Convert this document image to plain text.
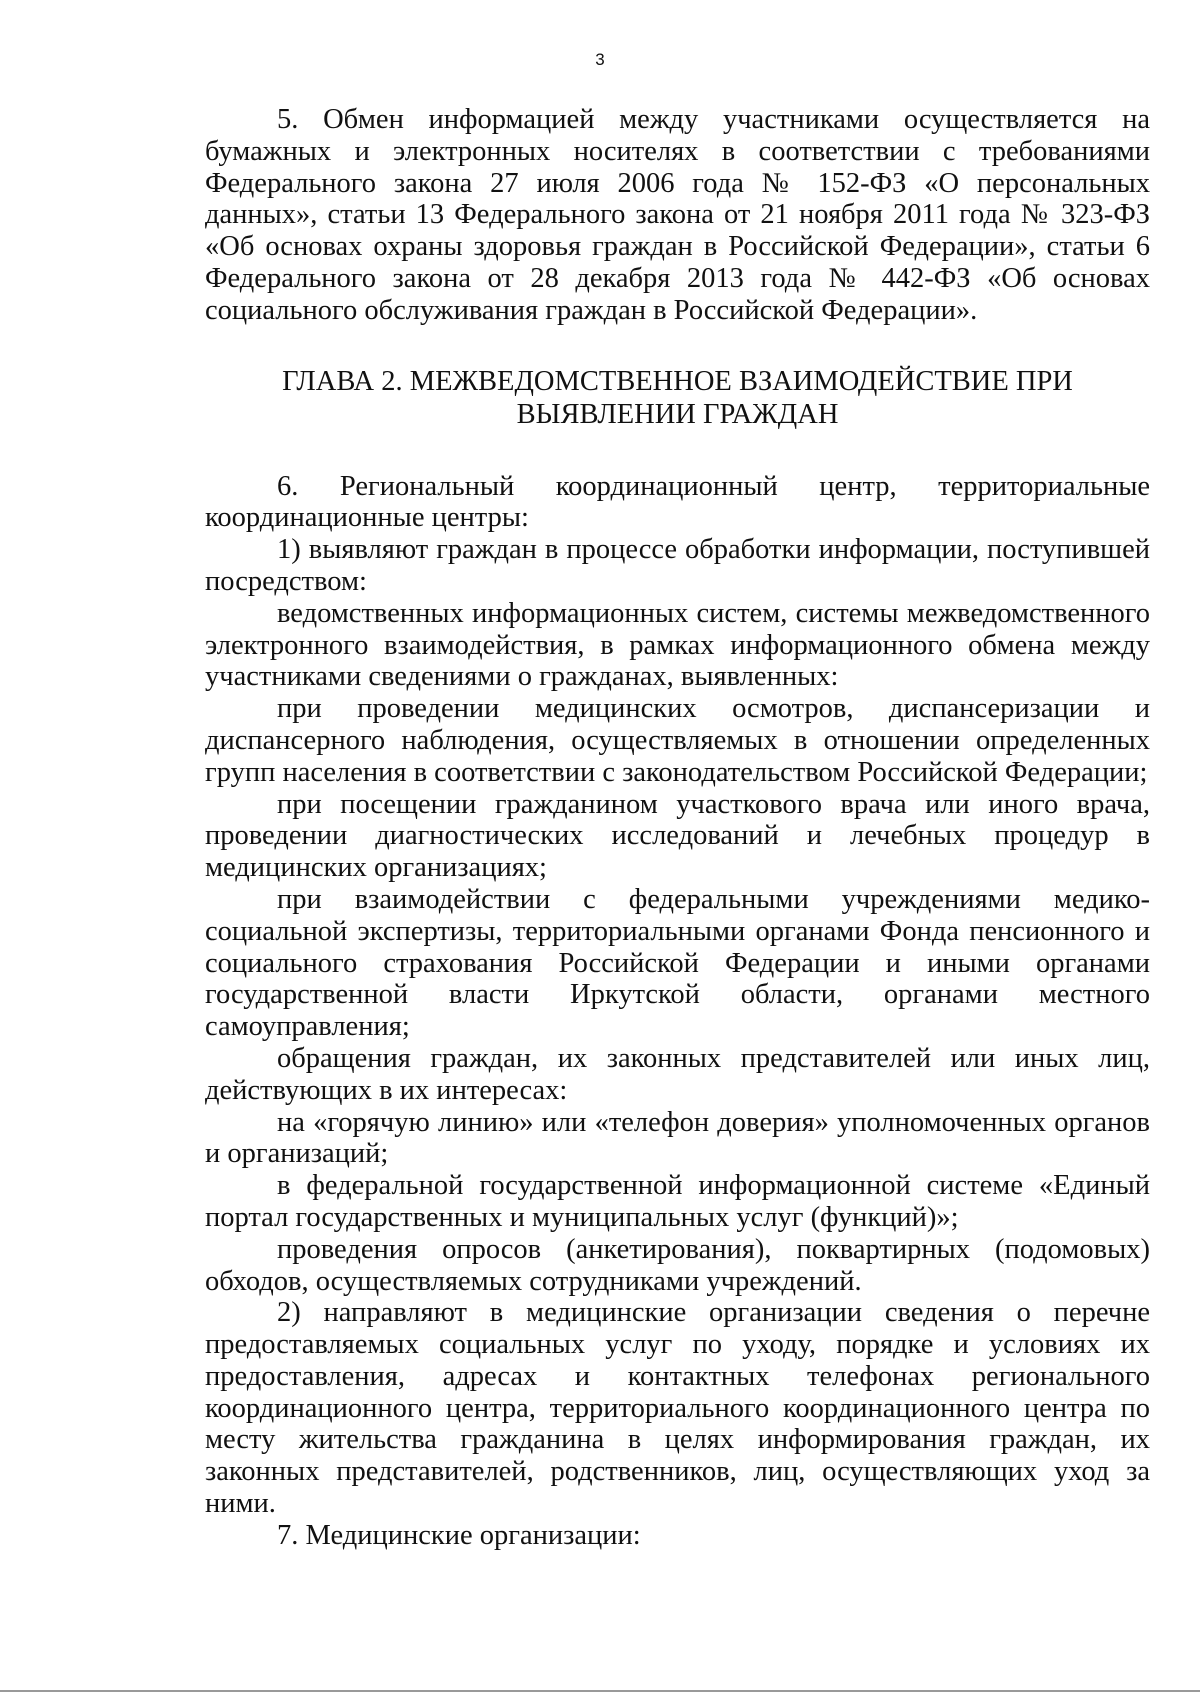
3

5. Обмен информацией между участниками осуществляется на бумажных и электронных носителях в соответствии с требованиями Федерального закона 27 июля 2006 года № 152-ФЗ «О персональных данных», статьи 13 Федерального закона от 21 ноября 2011 года № 323-ФЗ «Об основах охраны здоровья граждан в Российской Федерации», статьи 6 Федерального закона от 28 декабря 2013 года № 442-ФЗ «Об основах социального обслуживания граждан в Российской Федерации».

ГЛАВА 2. МЕЖВЕДОМСТВЕННОЕ ВЗАИМОДЕЙСТВИЕ ПРИ
ВЫЯВЛЕНИИ ГРАЖДАН

6. Региональный координационный центр, территориальные координационные центры:

1) выявляют граждан в процессе обработки информации, поступившей посредством:

ведомственных информационных систем, системы межведомственного электронного взаимодействия, в рамках информационного обмена между участниками сведениями о гражданах, выявленных:

при проведении медицинских осмотров, диспансеризации и диспансерного наблюдения, осуществляемых в отношении определенных групп населения в соответствии с законодательством Российской Федерации;

при посещении гражданином участкового врача или иного врача, проведении диагностических исследований и лечебных процедур в медицинских организациях;

при взаимодействии с федеральными учреждениями медико-социальной экспертизы, территориальными органами Фонда пенсионного и социального страхования Российской Федерации и иными органами государственной власти Иркутской области, органами местного самоуправления;

обращения граждан, их законных представителей или иных лиц, действующих в их интересах:

на «горячую линию» или «телефон доверия» уполномоченных органов и организаций;

в федеральной государственной информационной системе «Единый портал государственных и муниципальных услуг (функций)»;

проведения опросов (анкетирования), поквартирных (подомовых) обходов, осуществляемых сотрудниками учреждений.

2) направляют в медицинские организации сведения о перечне предоставляемых социальных услуг по уходу, порядке и условиях их предоставления, адресах и контактных телефонах регионального координационного центра, территориального координационного центра по месту жительства гражданина в целях информирования граждан, их законных представителей, родственников, лиц, осуществляющих уход за ними.

7. Медицинские организации:
